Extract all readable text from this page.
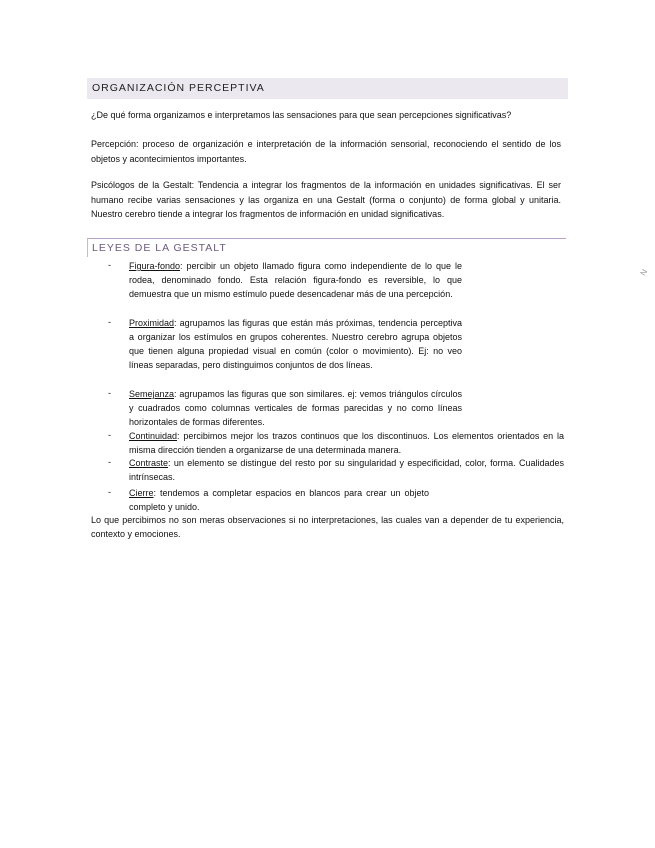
ORGANIZACIÓN PERCEPTIVA
¿De qué forma organizamos e interpretamos las sensaciones para que sean percepciones significativas?
Percepción: proceso de organización e interpretación de la información sensorial, reconociendo el sentido de los objetos y acontecimientos importantes.
Psicólogos de la Gestalt: Tendencia a integrar los fragmentos de la información en unidades significativas. El ser humano recibe varias sensaciones y las organiza en una Gestalt (forma o conjunto) de forma global y unitaria. Nuestro cerebro tiende a integrar los fragmentos de información en unidad significativas.
LEYES DE LA GESTALT
- Figura-fondo: percibir un objeto llamado figura como independiente de lo que le rodea, denominado fondo. Esta relación figura-fondo es reversible, lo que demuestra que un mismo estímulo puede desencadenar más de una percepción.
- Proximidad: agrupamos las figuras que están más próximas, tendencia perceptiva a organizar los estímulos en grupos coherentes. Nuestro cerebro agrupa objetos que tienen alguna propiedad visual en común (color o movimiento). Ej: no veo líneas separadas, pero distinguimos conjuntos de dos líneas.
- Semejanza: agrupamos las figuras que son similares. ej: vemos triángulos círculos y cuadrados como columnas verticales de formas parecidas y no como líneas horizontales de formas diferentes.
- Continuidad: percibimos mejor los trazos continuos que los discontinuos. Los elementos orientados en la misma dirección tienden a organizarse de una determinada manera.
- Contraste: un elemento se distingue del resto por su singularidad y especificidad, color, forma. Cualidades intrínsecas.
- Cierre: tendemos a completar espacios en blancos para crear un objeto completo y unido.
Lo que percibimos no son meras observaciones si no interpretaciones, las cuales van a depender de tu experiencia, contexto y emociones.
N
